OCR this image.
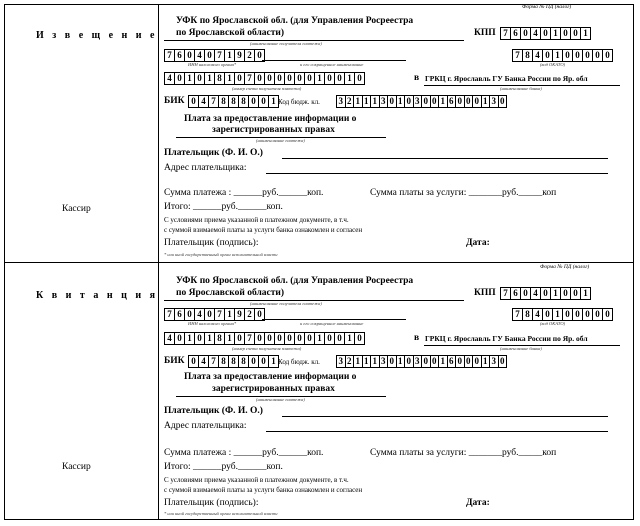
Форма № ПД (налог)
И з в е щ е н и е
Кассир
УФК по Ярославской обл. (для Управления Росреестра
по Ярославской области)
(наименование получателя платежа)
КПП 7 6 0 4 0 1 0 0 1
7 6 0 4 0 7 1 9 2 0
ИНН налогового органа*	и его сокращенное наименование
7 8 4 0 1 0 0 0 0 0
(код ОКАТО)
4 0 1 0 1 8 1 0 7 0 0 0 0 0 0 1 0 0 1 0	в ГРКЦ г. Ярославль ГУ Банка России по Яр. обл
(номер счета получателя платежа)	(наименование банка)
БИК 0 4 7 8 8 8 0 0 1 Код бюдж. кл. 3 2 1 1 1 3 0 1 0 3 0 0 1 6 0 0 0 1 3 0
Плата за предоставление информации о
зарегистрированных правах
(наименование платежа)
Плательщик (Ф. И. О.)
Адрес плательщика:
Сумма платежа : ______руб.______коп.	Сумма платы за услуги: _______руб._____коп
Итого: ______руб.______коп.
С условиями приема указанной в платежном документе, в т.ч.
с суммой взимаемой платы за услуги банка ознакомлен и согласен
Плательщик (подпись):	Дата:
* или иной государственный орган исполнительной власти
Форма № ПД (налог)
К в и т а н ц и я
Кассир
УФК по Ярославской обл. (для Управления Росреестра
по Ярославской области)
(наименование получателя платежа)
КПП 7 6 0 4 0 1 0 0 1
7 6 0 4 0 7 1 9 2 0
ИНН налогового органа*	и его сокращенное наименование
7 8 4 0 1 0 0 0 0 0
(код ОКАТО)
4 0 1 0 1 8 1 0 7 0 0 0 0 0 0 1 0 0 1 0	в ГРКЦ г. Ярославль ГУ Банка России по Яр. обл
(номер счета получателя платежа)	(наименование банка)
БИК 0 4 7 8 8 8 0 0 1 Код бюдж. кл. 3 2 1 1 1 3 0 1 0 3 0 0 1 6 0 0 0 1 3 0
Плата за предоставление информации о
зарегистрированных правах
(наименование платежа)
Плательщик (Ф. И. О.)
Адрес плательщика:
Сумма платежа : ______руб.______коп.	Сумма платы за услуги: _______руб._____коп
Итого: ______руб.______коп.
С условиями приема указанной в платежном документе, в т.ч.
с суммой взимаемой платы за услуги банка ознакомлен и согласен
Плательщик (подпись):	Дата:
* или иной государственный орган исполнительной власти
